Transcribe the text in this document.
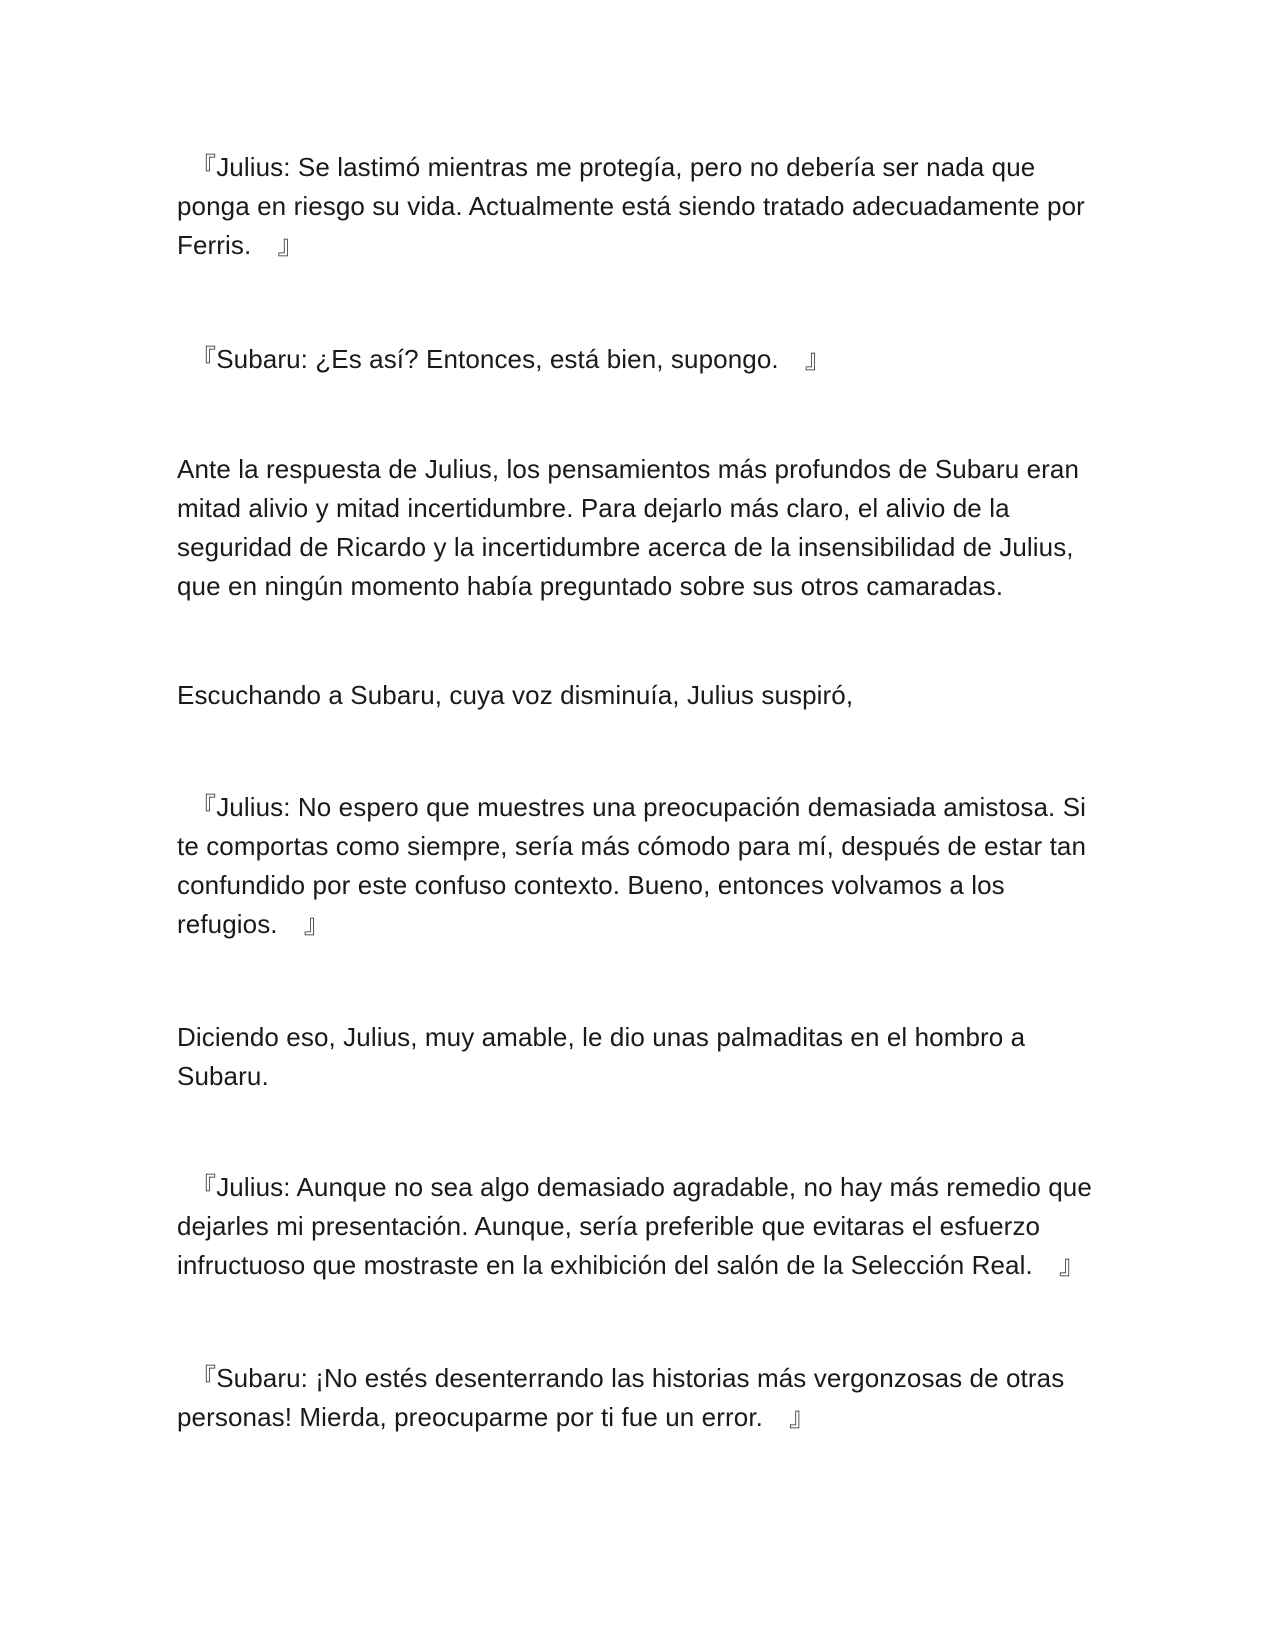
　『Julius: Se lastimó mientras me protegía, pero no debería ser nada que ponga en riesgo su vida. Actualmente está siendo tratado adecuadamente por Ferris.　』

　『Subaru: ¿Es así? Entonces, está bien, supongo.　』

Ante la respuesta de Julius, los pensamientos más profundos de Subaru eran mitad alivio y mitad incertidumbre. Para dejarlo más claro, el alivio de la seguridad de Ricardo y la incertidumbre acerca de la insensibilidad de Julius, que en ningún momento había preguntado sobre sus otros camaradas.

Escuchando a Subaru, cuya voz disminuía, Julius suspiró,

　『Julius: No espero que muestres una preocupación demasiada amistosa. Si te comportas como siempre, sería más cómodo para mí, después de estar tan confundido por este confuso contexto. Bueno, entonces volvamos a los refugios.　』

Diciendo eso, Julius, muy amable, le dio unas palmaditas en el hombro a Subaru.

　『Julius: Aunque no sea algo demasiado agradable, no hay más remedio que dejarles mi presentación. Aunque, sería preferible que evitaras el esfuerzo infructuoso que mostraste en la exhibición del salón de la Selección Real.　』

　『Subaru: ¡No estés desenterrando las historias más vergonzosas de otras personas! Mierda, preocuparme por ti fue un error.　』
